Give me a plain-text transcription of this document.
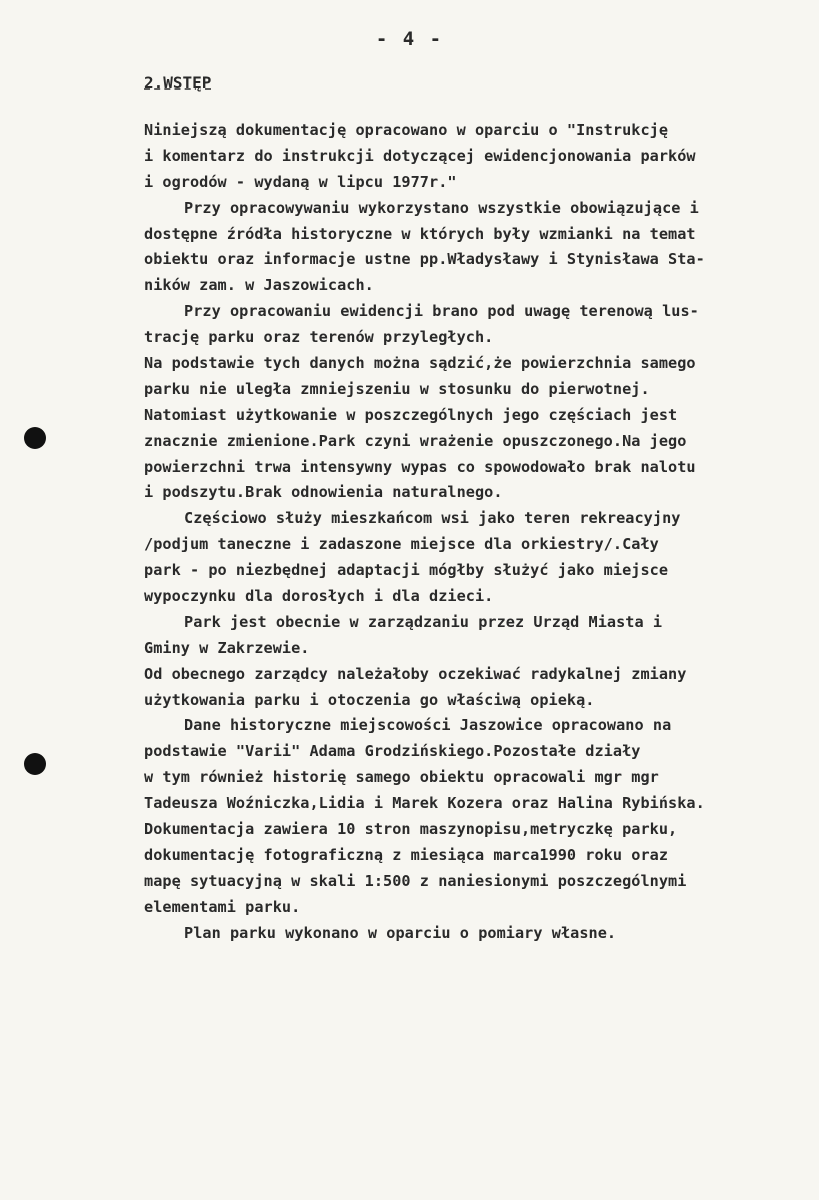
- 4 -
2.WSTĘP
Niniejszą dokumentację opracowano w oparciu o "Instrukcję
i komentarz do instrukcji dotyczącej ewidencjonowania parków
i ogrodów - wydaną w lipcu 1977r."
Przy opracowywaniu wykorzystano wszystkie obowiązujące i
dostępne źródła historyczne w których były wzmianki na temat
obiektu oraz informacje ustne pp.Władysławy i Stynisława Sta-
ników zam. w Jaszowicach.
Przy opracowaniu ewidencji brano pod uwagę terenową lus-
trację parku oraz terenów przyległych.
Na podstawie tych danych można sądzić,że powierzchnia samego
parku nie uległa zmniejszeniu w stosunku do pierwotnej.
Natomiast użytkowanie w poszczególnych jego częściach jest
znacznie zmienione.Park czyni wrażenie opuszczonego.Na jego
powierzchni trwa intensywny wypas co spowodowało brak nalotu
i podszytu.Brak odnowienia naturalnego.
Częściowo służy mieszkańcom wsi jako teren rekreacyjny
/podjum taneczne i zadaszone miejsce dla orkiestry/.Cały
park - po niezbędnej adaptacji mógłby służyć jako miejsce
wypoczynku dla dorosłych i dla dzieci.
Park jest obecnie w zarządzaniu przez Urząd Miasta i
Gminy w Zakrzewie.
Od obecnego zarządcy należałoby oczekiwać radykalnej zmiany
użytkowania parku i otoczenia go właściwą opieką.
Dane historyczne miejscowości Jaszowice opracowano na
podstawie "Varii" Adama Grodzińskiego.Pozostałe działy
w tym również historię samego obiektu opracowali mgr mgr
Tadeusza Woźniczka,Lidia i Marek Kozera oraz Halina Rybińska.
Dokumentacja zawiera 10 stron maszynopisu,metryczkę parku,
dokumentację fotograficzną z miesiąca marca1990 roku oraz
mapę sytuacyjną w skali 1:500 z naniesionymi poszczególnymi
elementami parku.
Plan parku wykonano w oparciu o pomiary własne.
